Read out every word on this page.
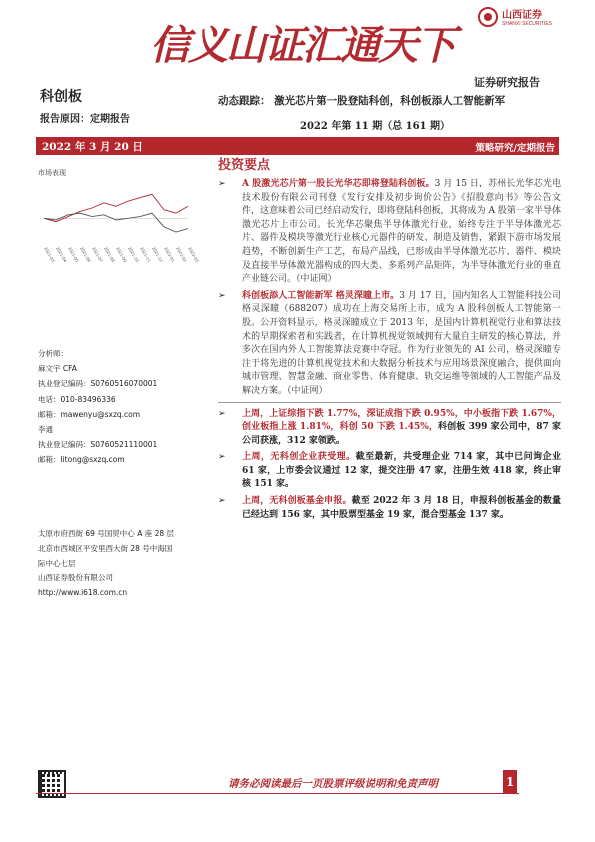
信义山证汇通天下
山西证券
SHANXI SECURITIES
证券研究报告
科创板	动态跟踪： 激光芯片第一股登陆科创，科创板添人工智能新军
报告原因：定期报告
2022 年第 11 期（总 161 期）
2022 年 3 月 20 日	策略研究/定期报告
市场表现
2021-03 2021-04 2021-05 2021-06 2021-07 2021-08 2021-09 2021-10 2021-11 2021-12 2022-01 2022-02 2022-03
分析师：
麻文宇 CFA
执业登记编码：S0760516070001
电话：010-83496336
邮箱：mawenyu@sxzq.com
李通
执业登记编码：S0760521110001
邮箱：litong@sxzq.com
太原市府西街 69 号国贸中心 A 座 28 层
北京市西城区平安里西大街 28 号中海国
际中心七层
山西证券股份有限公司
http://www.i618.com.cn
投资要点
➢ A 股激光芯片第一股长光华芯即将登陆科创板。3 月 15 日，苏州长光华芯光电技术股份有限公司刊登《发行安排及初步询价公告》《招股意向书》等公告文件，这意味着公司已经启动发行，即将登陆科创板，其将成为 A 股第一家半导体激光芯片上市公司。长光华芯聚焦半导体激光行业，始终专注于半导体激光芯片、器件及模块等激光行业核心元器件的研发、制造及销售，紧跟下游市场发展趋势，不断创新生产工艺，布局产品线，已形成由半导体激光芯片、器件、模块及直接半导体激光器构成的四大类、多系列产品矩阵，为半导体激光行业的垂直产业链公司。（中证网）
➢ 科创板添人工智能新军 格灵深瞳上市。3 月 17 日，国内知名人工智能科技公司格灵深瞳（688207）成功在上海交易所上市，成为 A 股科创板人工智能第一股。公开资料显示，格灵深瞳成立于 2013 年，是国内计算机视觉行业和算法技术的早期探索者和实践者，在计算机视觉领域拥有大量自主研发的核心算法，并多次在国内外人工智能算法竞赛中夺冠。作为行业领先的 AI 公司，格灵深瞳专注于将先进的计算机视觉技术和大数据分析技术与应用场景深度融合，提供面向城市管理、智慧金融、商业零售、体育健康、轨交运维等领域的人工智能产品及解决方案。（中证网）
➢ 上周，上证综指下跌 1.77%，深证成指下跌 0.95%，中小板指下跌 1.67%，创业板指上涨 1.81%，科创 50 下跌 1.45%，科创板 399 家公司中，87 家公司获涨，312 家领跌。
➢ 上周，无科创企业获受理。截至最新，共受理企业 714 家，其中已问询企业 61 家，上市委会议通过 12 家，提交注册 47 家，注册生效 418 家，终止审核 151 家。
➢ 上周，无科创板基金申报。截至 2022 年 3 月 18 日，申报科创板基金的数量已经达到 156 家，其中股票型基金 19 家，混合型基金 137 家。
请务必阅读最后一页股票评级说明和免责声明	1
